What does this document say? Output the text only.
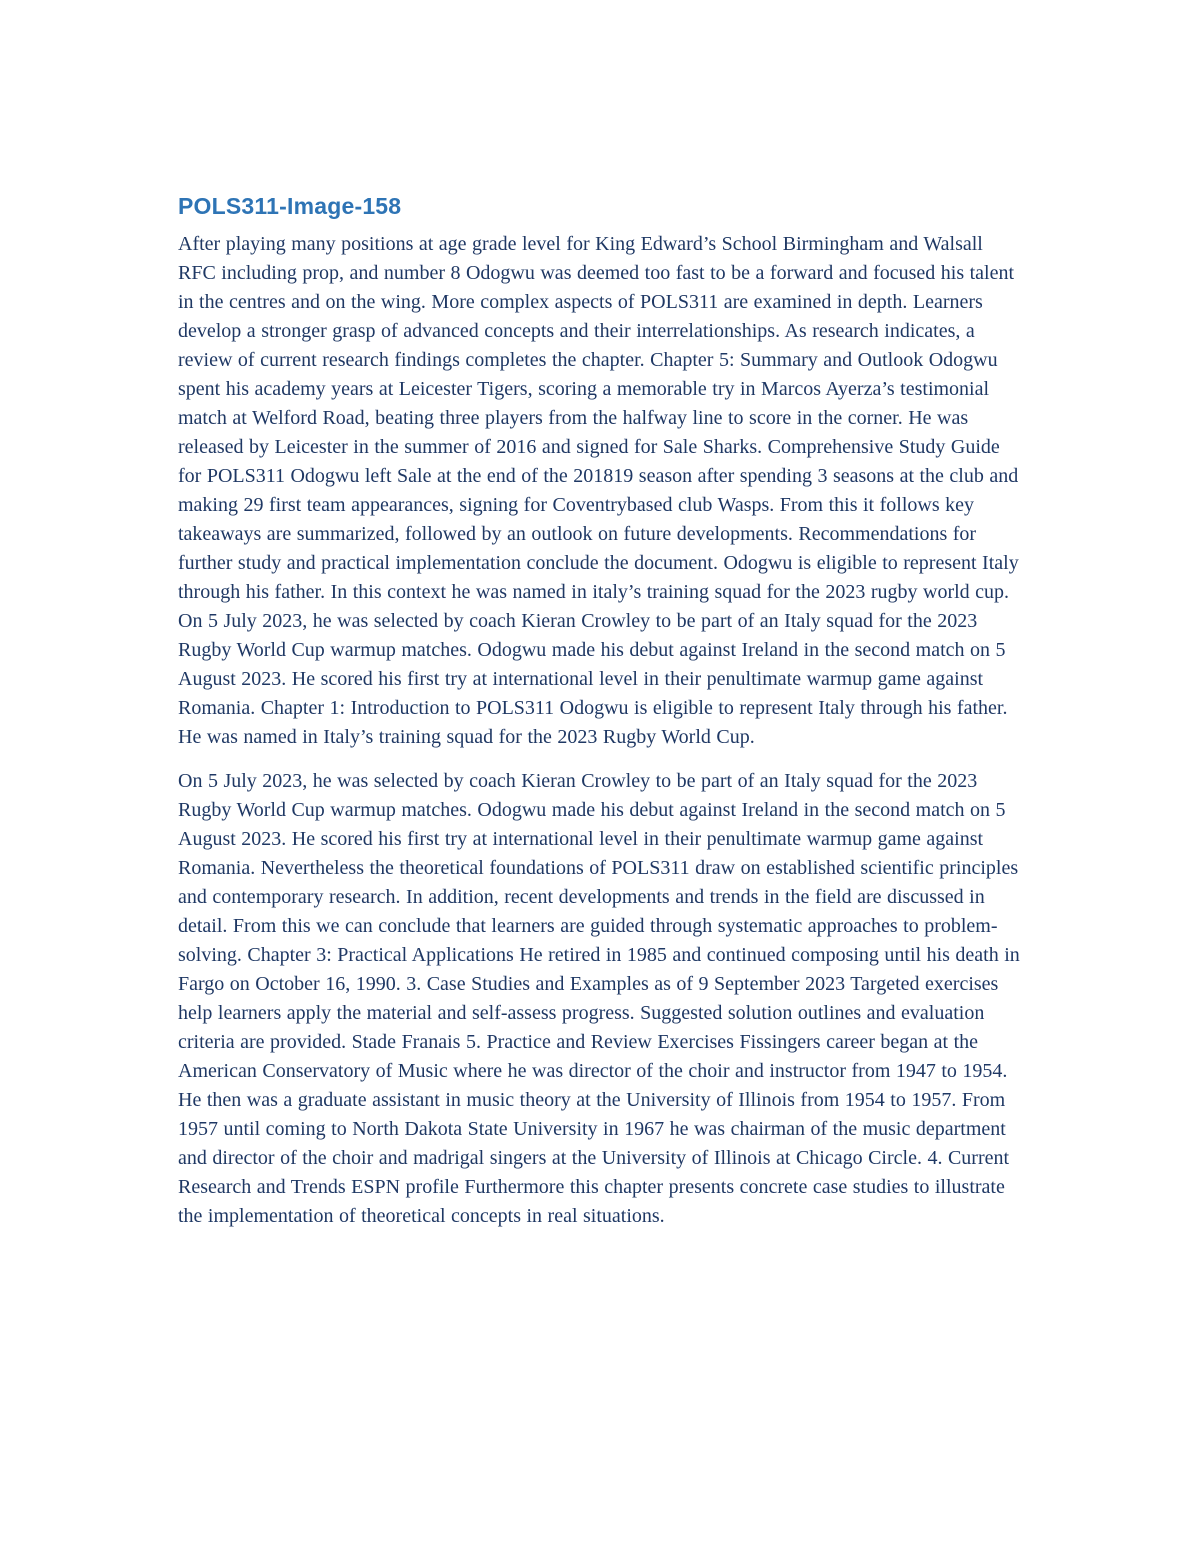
POLS311-Image-158

After playing many positions at age grade level for King Edward’s School Birmingham and Walsall RFC including prop, and number 8 Odogwu was deemed too fast to be a forward and focused his talent in the centres and on the wing. More complex aspects of POLS311 are examined in depth. Learners develop a stronger grasp of advanced concepts and their interrelationships. As research indicates, a review of current research findings completes the chapter. Chapter 5: Summary and Outlook Odogwu spent his academy years at Leicester Tigers, scoring a memorable try in Marcos Ayerza’s testimonial match at Welford Road, beating three players from the halfway line to score in the corner. He was released by Leicester in the summer of 2016 and signed for Sale Sharks. Comprehensive Study Guide for POLS311 Odogwu left Sale at the end of the 201819 season after spending 3 seasons at the club and making 29 first team appearances, signing for Coventrybased club Wasps. From this it follows key takeaways are summarized, followed by an outlook on future developments. Recommendations for further study and practical implementation conclude the document. Odogwu is eligible to represent Italy through his father. In this context he was named in italy’s training squad for the 2023 rugby world cup. On 5 July 2023, he was selected by coach Kieran Crowley to be part of an Italy squad for the 2023 Rugby World Cup warmup matches. Odogwu made his debut against Ireland in the second match on 5 August 2023. He scored his first try at international level in their penultimate warmup game against Romania. Chapter 1: Introduction to POLS311 Odogwu is eligible to represent Italy through his father. He was named in Italy’s training squad for the 2023 Rugby World Cup.

On 5 July 2023, he was selected by coach Kieran Crowley to be part of an Italy squad for the 2023 Rugby World Cup warmup matches. Odogwu made his debut against Ireland in the second match on 5 August 2023. He scored his first try at international level in their penultimate warmup game against Romania. Nevertheless the theoretical foundations of POLS311 draw on established scientific principles and contemporary research. In addition, recent developments and trends in the field are discussed in detail. From this we can conclude that learners are guided through systematic approaches to problem-solving. Chapter 3: Practical Applications He retired in 1985 and continued composing until his death in Fargo on October 16, 1990. 3. Case Studies and Examples as of 9 September 2023 Targeted exercises help learners apply the material and self-assess progress. Suggested solution outlines and evaluation criteria are provided. Stade Franais 5. Practice and Review Exercises Fissingers career began at the American Conservatory of Music where he was director of the choir and instructor from 1947 to 1954. He then was a graduate assistant in music theory at the University of Illinois from 1954 to 1957. From 1957 until coming to North Dakota State University in 1967 he was chairman of the music department and director of the choir and madrigal singers at the University of Illinois at Chicago Circle. 4. Current Research and Trends ESPN profile Furthermore this chapter presents concrete case studies to illustrate the implementation of theoretical concepts in real situations.
